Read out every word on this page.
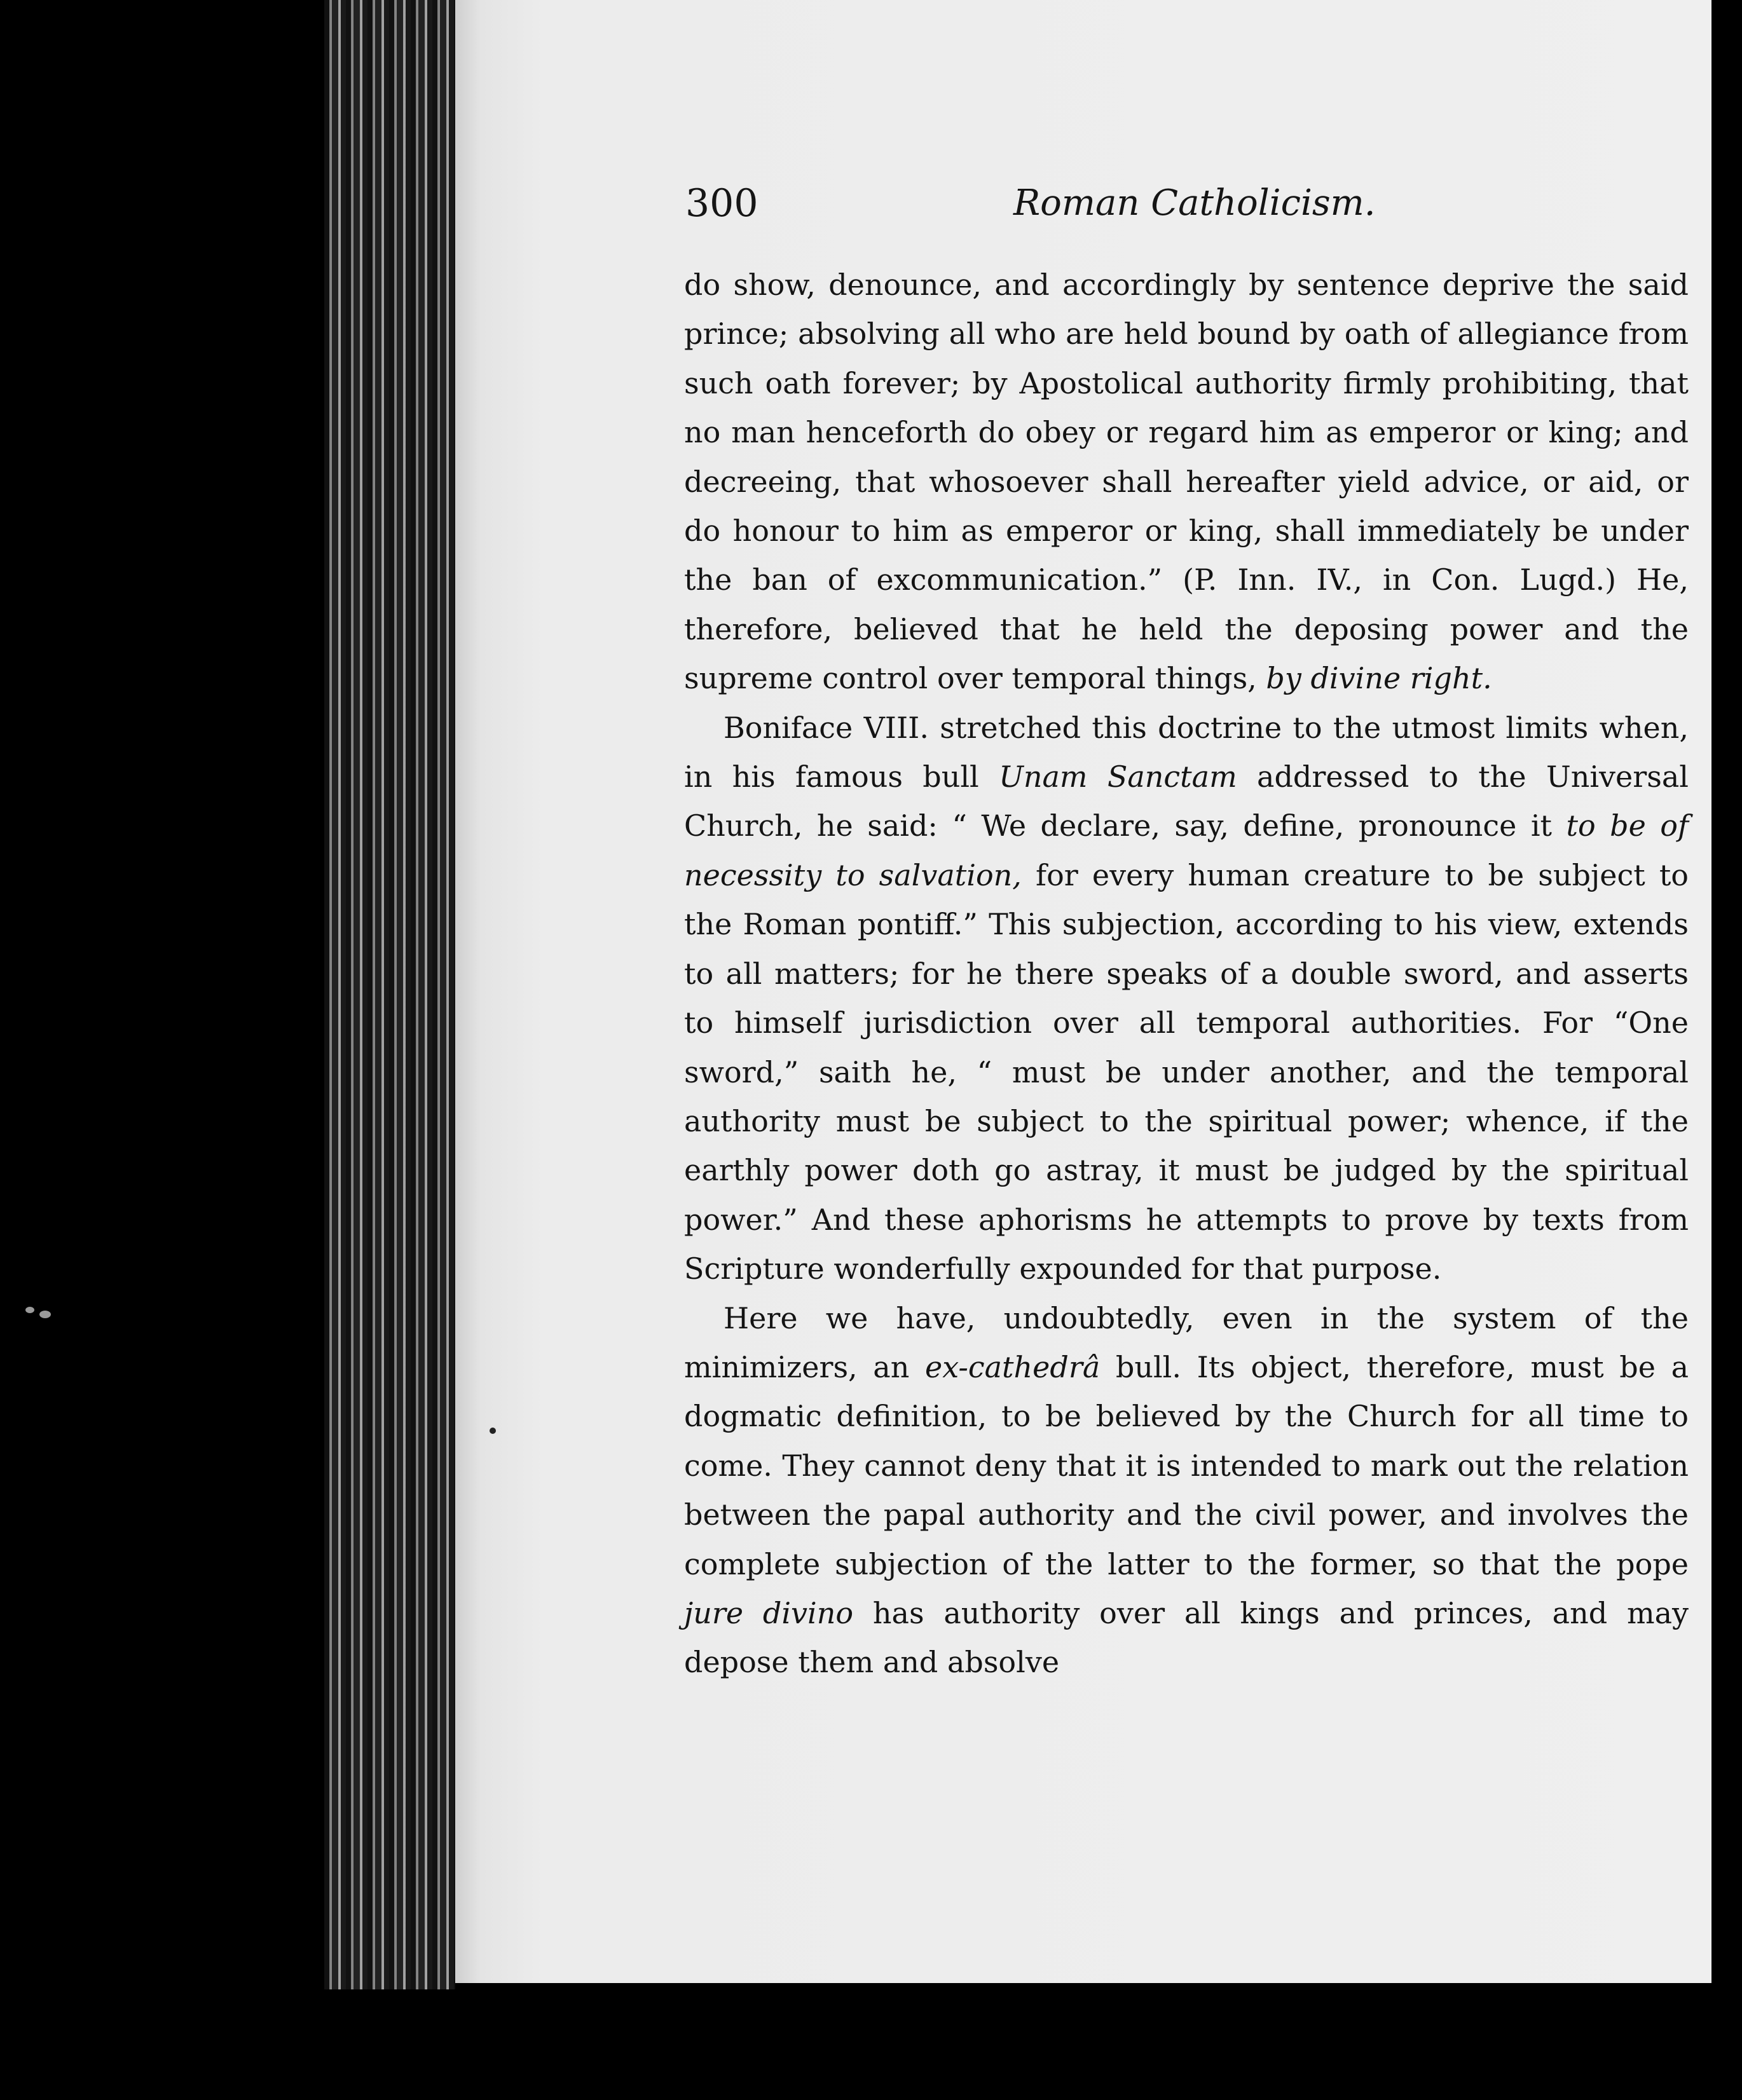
300	Roman Catholicism.

do show, denounce, and accordingly by sentence deprive the said prince; absolving all who are held bound by oath of allegiance from such oath forever; by Apostolical authority firmly prohibiting, that no man henceforth do obey or regard him as emperor or king; and decreeing, that whosoever shall hereafter yield advice, or aid, or do honour to him as emperor or king, shall immediately be under the ban of excommunication.” (P. Inn. IV., in Con. Lugd.) He, therefore, believed that he held the deposing power and the supreme control over temporal things, by divine right.

Boniface VIII. stretched this doctrine to the utmost limits when, in his famous bull Unam Sanctam addressed to the Universal Church, he said: “ We declare, say, define, pronounce it to be of necessity to salvation, for every human creature to be subject to the Roman pontiff.” This subjection, according to his view, extends to all matters; for he there speaks of a double sword, and asserts to himself jurisdiction over all temporal authorities. For “One sword,” saith he, “ must be under another, and the temporal authority must be subject to the spiritual power; whence, if the earthly power doth go astray, it must be judged by the spiritual power.” And these aphorisms he attempts to prove by texts from Scripture wonderfully expounded for that purpose.

Here we have, undoubtedly, even in the system of the minimizers, an ex-cathedrâ bull. Its object, therefore, must be a dogmatic definition, to be believed by the Church for all time to come. They cannot deny that it is intended to mark out the relation between the papal authority and the civil power, and involves the complete subjection of the latter to the former, so that the pope jure divino has authority over all kings and princes, and may depose them and absolve
